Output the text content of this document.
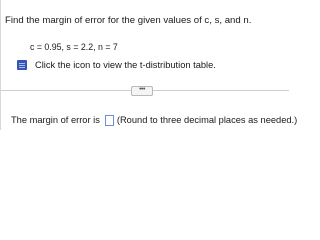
Find the margin of error for the given values of c, s, and n.
c = 0.95, s = 2.2, n = 7
Click the icon to view the t-distribution table.
•••
The margin of error is (Round to three decimal places as needed.)
